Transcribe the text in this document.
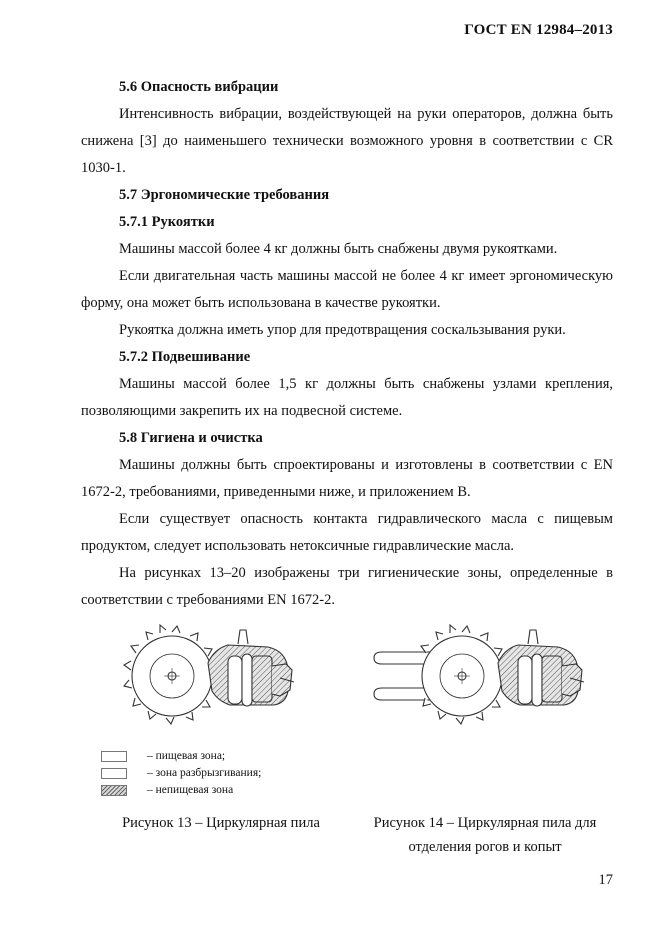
ГОСТ EN 12984–2013
5.6 Опасность вибрации
Интенсивность вибрации, воздействующей на руки операторов, должна быть снижена [3] до наименьшего технически возможного уровня в соответствии с CR 1030-1.
5.7 Эргономические требования
5.7.1 Рукоятки
Машины массой более 4 кг должны быть снабжены двумя рукоятками.
Если двигательная часть машины массой не более 4 кг имеет эргономическую форму, она может быть использована в качестве рукоятки.
Рукоятка должна иметь упор для предотвращения соскальзывания руки.
5.7.2 Подвешивание
Машины массой более 1,5 кг должны быть снабжены узлами крепления, позволяющими закрепить их на подвесной системе.
5.8 Гигиена и очистка
Машины должны быть спроектированы и изготовлены в соответствии с EN 1672-2, требованиями, приведенными ниже, и приложением B.
Если существует опасность контакта гидравлического масла с пищевым продуктом, следует использовать нетоксичные гидравлические масла.
На рисунках 13–20 изображены три гигиенические зоны, определенные в соответствии с требованиями EN 1672-2.
– пищевая зона;
– зона разбрызгивания;
– непищевая зона
Рисунок 13 – Циркулярная пила	Рисунок 14 – Циркулярная пила для
отделения рогов и копыт
17
